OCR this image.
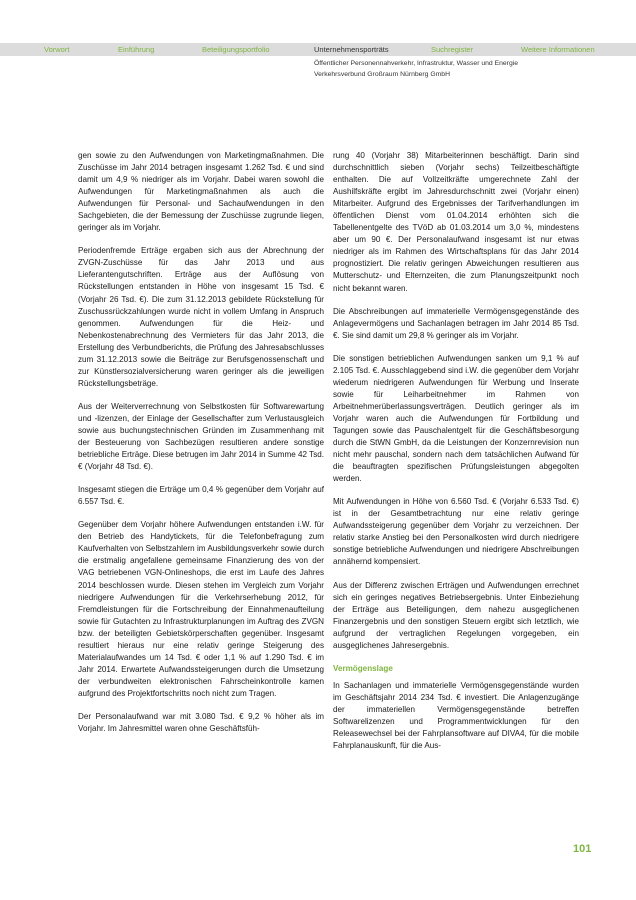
Vorwort	Einführung	Beteiligungsportfolio	Unternehmensporträts	Suchregister	Weitere Informationen
Öffentlicher Personennahverkehr, Infrastruktur, Wasser und Energie
Verkehrsverbund Großraum Nürnberg GmbH

gen sowie zu den Aufwendungen von Marketingmaßnahmen. Die Zuschüsse im Jahr 2014 betragen insgesamt 1.262 Tsd. € und sind damit um 4,9 % niedriger als im Vorjahr. Dabei waren sowohl die Aufwendungen für Marketingmaßnahmen als auch die Aufwendungen für Personal- und Sachaufwendungen in den Sachgebieten, die der Bemessung der Zuschüsse zugrunde liegen, geringer als im Vorjahr.

Periodenfremde Erträge ergaben sich aus der Abrechnung der ZVGN-Zuschüsse für das Jahr 2013 und aus Lieferantengutschriften. Erträge aus der Auflösung von Rückstellungen entstanden in Höhe von insgesamt 15 Tsd. € (Vorjahr 26 Tsd. €). Die zum 31.12.2013 gebildete Rückstellung für Zuschussrückzahlungen wurde nicht in vollem Umfang in Anspruch genommen. Aufwendungen für die Heiz- und Nebenkostenabrechnung des Vermieters für das Jahr 2013, die Erstellung des Verbundberichts, die Prüfung des Jahresabschlusses zum 31.12.2013 sowie die Beiträge zur Berufsgenossenschaft und zur Künstlersozialversicherung waren geringer als die jeweiligen Rückstellungsbeträge.

Aus der Weiterverrechnung von Selbstkosten für Softwarewartung und -lizenzen, der Einlage der Gesellschafter zum Verlustausgleich sowie aus buchungstechnischen Gründen im Zusammenhang mit der Besteuerung von Sachbezügen resultieren andere sonstige betriebliche Erträge. Diese betrugen im Jahr 2014 in Summe 42 Tsd. € (Vorjahr 48 Tsd. €).

Insgesamt stiegen die Erträge um 0,4 % gegenüber dem Vorjahr auf 6.557 Tsd. €.

Gegenüber dem Vorjahr höhere Aufwendungen entstanden i.W. für den Betrieb des Handytickets, für die Telefonbefragung zum Kaufverhalten von Selbstzahlern im Ausbildungsverkehr sowie durch die erstmalig angefallene gemeinsame Finanzierung des von der VAG betriebenen VGN-Onlineshops, die erst im Laufe des Jahres 2014 beschlossen wurde. Diesen stehen im Vergleich zum Vorjahr niedrigere Aufwendungen für die Verkehrserhebung 2012, für Fremdleistungen für die Fortschreibung der Einnahmenaufteilung sowie für Gutachten zu Infrastrukturplanungen im Auftrag des ZVGN bzw. der beteiligten Gebietskörperschaften gegenüber. Insgesamt resultiert hieraus nur eine relativ geringe Steigerung des Materialaufwandes um 14 Tsd. € oder 1,1 % auf 1.290 Tsd. € im Jahr 2014. Erwartete Aufwandssteigerungen durch die Umsetzung der verbundweiten elektronischen Fahrscheinkontrolle kamen aufgrund des Projektfortschritts noch nicht zum Tragen.

Der Personalaufwand war mit 3.080 Tsd. € 9,2 % höher als im Vorjahr. Im Jahresmittel waren ohne Geschäftsfüh-

rung 40 (Vorjahr 38) Mitarbeiterinnen beschäftigt. Darin sind durchschnittlich sieben (Vorjahr sechs) Teilzeitbeschäftigte enthalten. Die auf Vollzeitkräfte umgerechnete Zahl der Aushilfskräfte ergibt im Jahresdurchschnitt zwei (Vorjahr einen) Mitarbeiter. Aufgrund des Ergebnisses der Tarifverhandlungen im öffentlichen Dienst vom 01.04.2014 erhöhten sich die Tabellenentgelte des TVöD ab 01.03.2014 um 3,0 %, mindestens aber um 90 €. Der Personalaufwand insgesamt ist nur etwas niedriger als im Rahmen des Wirtschaftsplans für das Jahr 2014 prognostiziert. Die relativ geringen Abweichungen resultieren aus Mutterschutz- und Elternzeiten, die zum Planungszeitpunkt noch nicht bekannt waren.

Die Abschreibungen auf immaterielle Vermögensgegenstände des Anlagevermögens und Sachanlagen betragen im Jahr 2014 85 Tsd. €. Sie sind damit um 29,8 % geringer als im Vorjahr.

Die sonstigen betrieblichen Aufwendungen sanken um 9,1 % auf 2.105 Tsd. €. Ausschlaggebend sind i.W. die gegenüber dem Vorjahr wiederum niedrigeren Aufwendungen für Werbung und Inserate sowie für Leiharbeitnehmer im Rahmen von Arbeitnehmerüberlassungsverträgen. Deutlich geringer als im Vorjahr waren auch die Aufwendungen für Fortbildung und Tagungen sowie das Pauschalentgelt für die Geschäftsbesorgung durch die StWN GmbH, da die Leistungen der Konzernrevision nun nicht mehr pauschal, sondern nach dem tatsächlichen Aufwand für die beauftragten spezifischen Prüfungsleistungen abgegolten werden.

Mit Aufwendungen in Höhe von 6.560 Tsd. € (Vorjahr 6.533 Tsd. €) ist in der Gesamtbetrachtung nur eine relativ geringe Aufwandssteigerung gegenüber dem Vorjahr zu verzeichnen. Der relativ starke Anstieg bei den Personalkosten wird durch niedrigere sonstige betriebliche Aufwendungen und niedrigere Abschreibungen annähernd kompensiert.

Aus der Differenz zwischen Erträgen und Aufwendungen errechnet sich ein geringes negatives Betriebsergebnis. Unter Einbeziehung der Erträge aus Beteiligungen, dem nahezu ausgeglichenen Finanzergebnis und den sonstigen Steuern ergibt sich letztlich, wie aufgrund der vertraglichen Regelungen vorgegeben, ein ausgeglichenes Jahresergebnis.

Vermögenslage

In Sachanlagen und immaterielle Vermögensgegenstände wurden im Geschäftsjahr 2014 234 Tsd. € investiert. Die Anlagenzugänge der immateriellen Vermögensgegenstände betreffen Softwarelizenzen und Programmentwicklungen für den Releasewechsel bei der Fahrplansoftware auf DIVA4, für die mobile Fahrplanauskunft, für die Aus-

101
